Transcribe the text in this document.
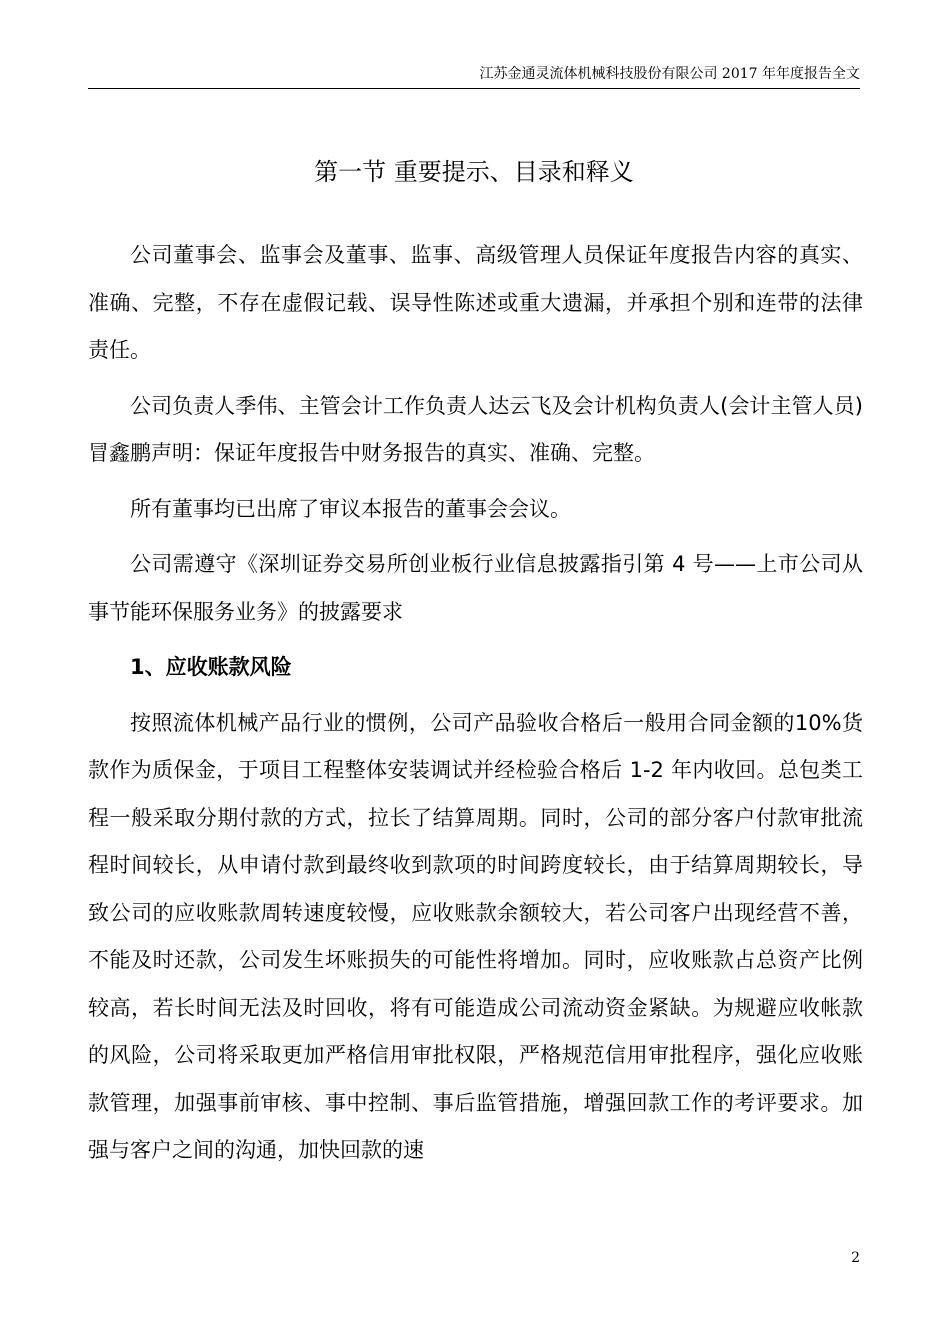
江苏金通灵流体机械科技股份有限公司 2017 年年度报告全文
第一节 重要提示、目录和释义

公司董事会、监事会及董事、监事、高级管理人员保证年度报告内容的真实、准确、完整，不存在虚假记载、误导性陈述或重大遗漏，并承担个别和连带的法律责任。

公司负责人季伟、主管会计工作负责人达云飞及会计机构负责人(会计主管人员)冒鑫鹏声明：保证年度报告中财务报告的真实、准确、完整。

所有董事均已出席了审议本报告的董事会会议。

公司需遵守《深圳证券交易所创业板行业信息披露指引第 4 号——上市公司从事节能环保服务业务》的披露要求

1、应收账款风险

按照流体机械产品行业的惯例，公司产品验收合格后一般用合同金额的10%货款作为质保金，于项目工程整体安装调试并经检验合格后 1-2 年内收回。总包类工程一般采取分期付款的方式，拉长了结算周期。同时，公司的部分客户付款审批流程时间较长，从申请付款到最终收到款项的时间跨度较长，由于结算周期较长，导致公司的应收账款周转速度较慢，应收账款余额较大，若公司客户出现经营不善，不能及时还款，公司发生坏账损失的可能性将增加。同时，应收账款占总资产比例较高，若长时间无法及时回收，将有可能造成公司流动资金紧缺。为规避应收帐款的风险，公司将采取更加严格信用审批权限，严格规范信用审批程序，强化应收账款管理，加强事前审核、事中控制、事后监管措施，增强回款工作的考评要求。加强与客户之间的沟通，加快回款的速

2
